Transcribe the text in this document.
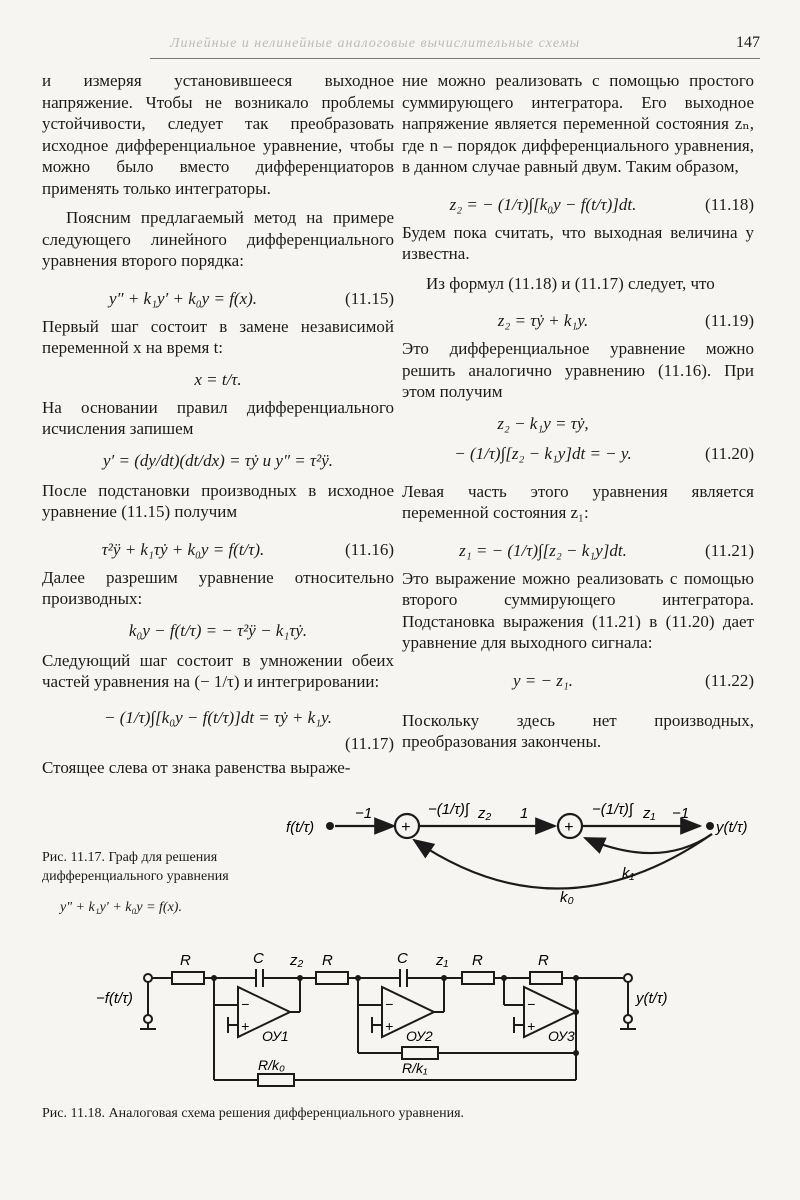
Линейные и нелинейные аналоговые вычислительные схемы	147

и измеряя установившееся выходное напряжение. Чтобы не возникало проблемы устойчивости, следует так преобразовать исходное дифференциальное уравнение, чтобы можно было вместо дифференциаторов применять только интеграторы.

Поясним предлагаемый метод на примере следующего линейного дифференциального уравнения второго порядка:

y″ + k₁y′ + k₀y = f(x).	(11.15)

Первый шаг состоит в замене независимой переменной x на время t:

x = t/τ.

На основании правил дифференциального исчисления запишем

y′ = (dy/dt)(dt/dx) = τẏ и y″ = τ²ÿ.

После подстановки производных в исходное уравнение (11.15) получим

τ²ÿ + k₁τẏ + k₀y = f(t/τ).	(11.16)

Далее разрешим уравнение относительно производных:

k₀y − f(t/τ) = − τ²ÿ − k₁τẏ.

Следующий шаг состоит в умножении обеих частей уравнения на (− 1/τ) и интегрировании:

− (1/τ)∫[k₀y − f(t/τ)]dt = τẏ + k₁y.
(11.17)

Стоящее слева от знака равенства выраже-

ние можно реализовать с помощью простого суммирующего интегратора. Его выходное напряжение является переменной состояния zₙ, где n – порядок дифференциального уравнения, в данном случае равный двум. Таким образом,

z₂ = − (1/τ)∫[k₀y − f(t/τ)]dt.	(11.18)

Будем пока считать, что выходная величина y известна.

Из формул (11.18) и (11.17) следует, что

z₂ = τẏ + k₁y.	(11.19)

Это дифференциальное уравнение можно решить аналогично уравнению (11.16). При этом получим

z₂ − k₁y = τẏ,
− (1/τ)∫[z₂ − k₁y]dt = − y.	(11.20)

Левая часть этого уравнения является переменной состояния z₁:

z₁ = − (1/τ)∫[z₂ − k₁y]dt.	(11.21)

Это выражение можно реализовать с помощью второго суммирующего интегратора. Подстановка выражения (11.21) в (11.20) дает уравнение для выходного сигнала:

y = − z₁.	(11.22)

Поскольку здесь нет производных, преобразования закончены.

Рис. 11.17. Граф для решения дифференциального уравнения
y″ + k₁y′ + k₀y = f(x).
f(t/τ)
−1
+
−(1/τ)∫ z₂ 1
+
−(1/τ)∫ z₁ −1
y(t/τ)
k₁
k₀
−f(t/τ)
R	C z₂ R	C z₁ R	R
−
+
ОУ1
−
+
ОУ2
−
+
ОУ3
y(t/τ)
R/k₁
R/k₀
Рис. 11.18. Аналоговая схема решения дифференциального уравнения.
